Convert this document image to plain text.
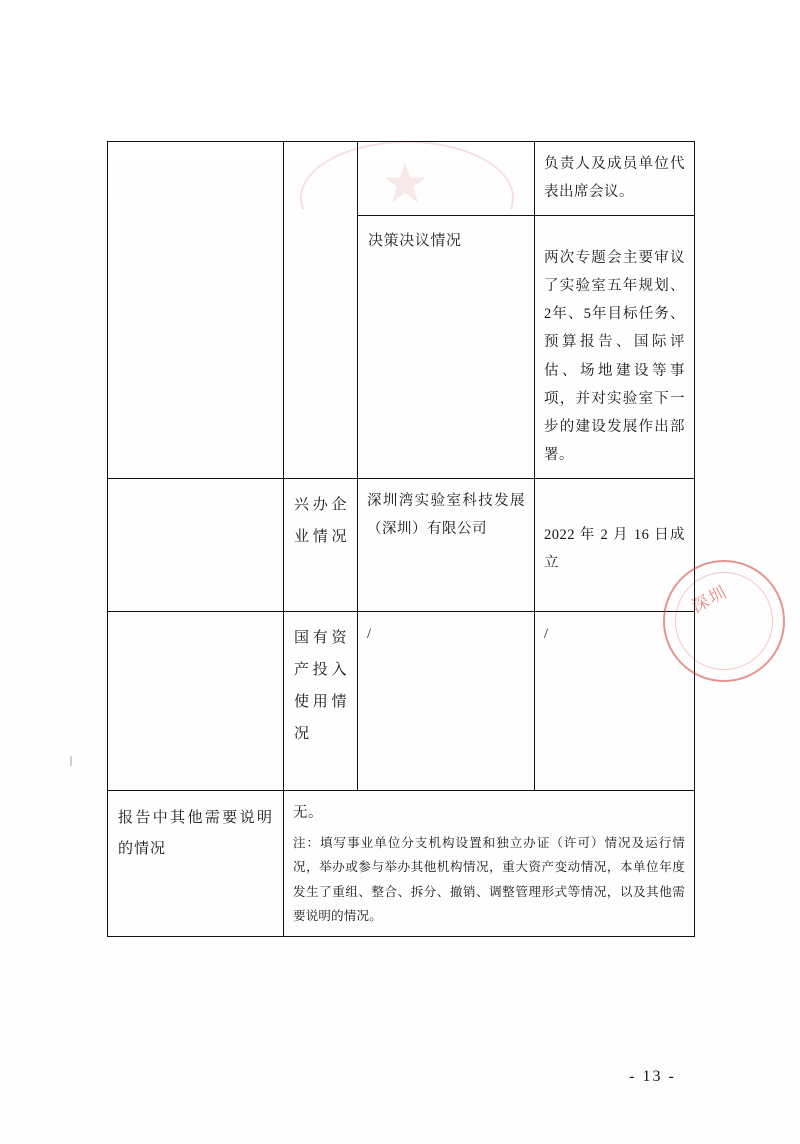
			负责人及成员单位代表出席会议。

		决策决议情况	两次专题会主要审议了实验室五年规划、2年、5年目标任务、预算报告、国际评估、场地建设等事项，并对实验室下一步的建设发展作出部署。

	兴办企业情况	深圳湾实验室科技发展（深圳）有限公司	2022 年 2 月 16 日成立

	国有资产投入使用情况	/	/

报告中其他需要说明的情况	无。
注：填写事业单位分支机构设置和独立办证（许可）情况及运行情况，举办或参与举办其他机构情况，重大资产变动情况，本单位年度发生了重组、整合、拆分、撤销、调整管理形式等情况，以及其他需要说明的情况。		
深圳
- 13 -
